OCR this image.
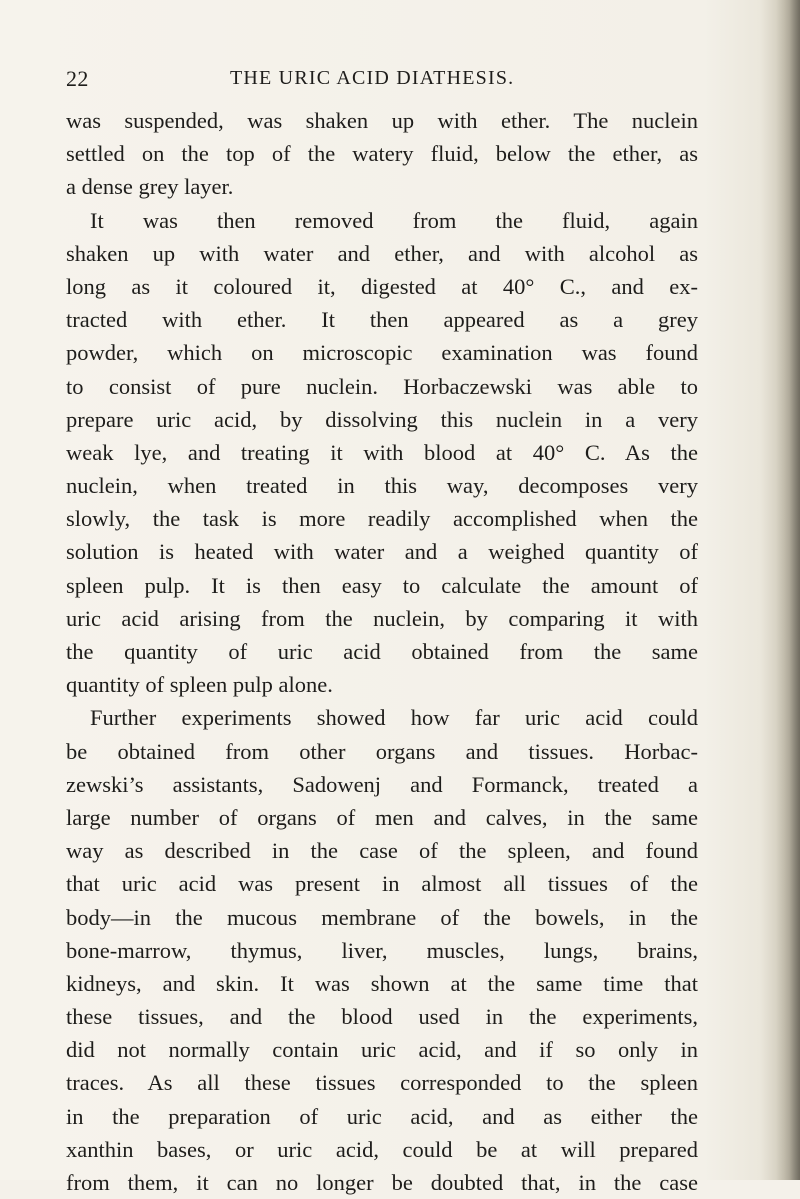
22	THE URIC ACID DIATHESIS.
was suspended, was shaken up with ether. The nuclein
settled on the top of the watery fluid, below the ether, as
a dense grey layer.
It was then removed from the fluid, again
shaken up with water and ether, and with alcohol as
long as it coloured it, digested at 40° C., and ex-
tracted with ether. It then appeared as a grey
powder, which on microscopic examination was found
to consist of pure nuclein. Horbaczewski was able to
prepare uric acid, by dissolving this nuclein in a very
weak lye, and treating it with blood at 40° C. As the
nuclein, when treated in this way, decomposes very
slowly, the task is more readily accomplished when the
solution is heated with water and a weighed quantity of
spleen pulp. It is then easy to calculate the amount of
uric acid arising from the nuclein, by comparing it with
the quantity of uric acid obtained from the same
quantity of spleen pulp alone.
Further experiments showed how far uric acid could
be obtained from other organs and tissues. Horbac-
zewski’s assistants, Sadowenj and Formanck, treated a
large number of organs of men and calves, in the same
way as described in the case of the spleen, and found
that uric acid was present in almost all tissues of the
body—in the mucous membrane of the bowels, in the
bone-marrow, thymus, liver, muscles, lungs, brains,
kidneys, and skin. It was shown at the same time that
these tissues, and the blood used in the experiments,
did not normally contain uric acid, and if so only in
traces. As all these tissues corresponded to the spleen
in the preparation of uric acid, and as either the
xanthin bases, or uric acid, could be at will prepared
from them, it can no longer be doubted that, in the case
